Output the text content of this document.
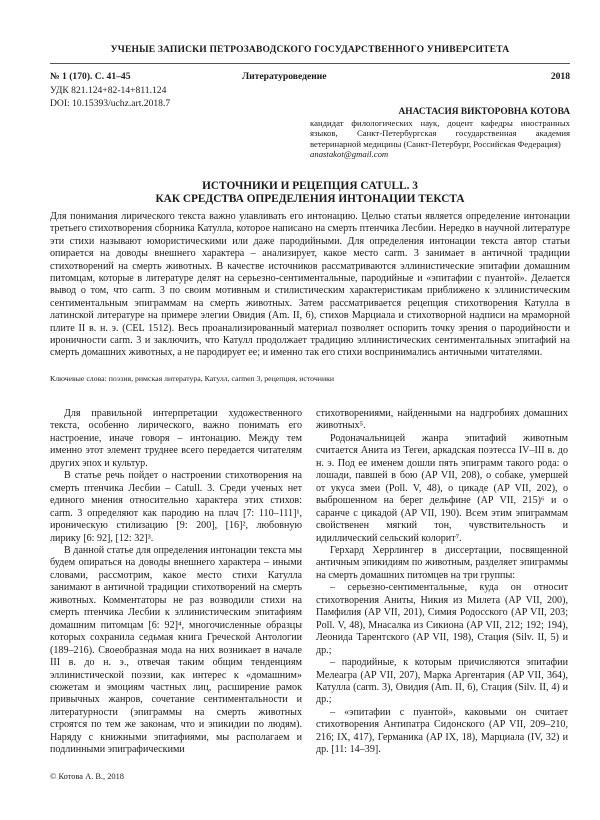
УЧЕНЫЕ ЗАПИСКИ ПЕТРОЗАВОДСКОГО ГОСУДАРСТВЕННОГО УНИВЕРСИТЕТА
№ 1 (170). С. 41–45	Литературоведение	2018
УДК 821.124+82-14+811.124
DOI: 10.15393/uchz.art.2018.7
АНАСТАСИЯ ВИКТОРОВНА КОТОВА
кандидат филологических наук, доцент кафедры иностранных языков, Санкт-Петербургская государственная академия ветеринарной медицины (Санкт-Петербург, Российская Федерация)
anastakot@gmail.com
ИСТОЧНИКИ И РЕЦЕПЦИЯ CATULL. 3
КАК СРЕДСТВА ОПРЕДЕЛЕНИЯ ИНТОНАЦИИ ТЕКСТА

Для понимания лирического текста важно улавливать его интонацию. Целью статьи является определение интонации третьего стихотворения сборника Катулла, которое написано на смерть птенчика Лесбии. Нередко в научной литературе эти стихи называют юмористическими или даже пародийными. Для определения интонации текста автор статьи опирается на доводы внешнего характера – анализирует, какое место carm. 3 занимает в античной традиции стихотворений на смерть животных. В качестве источников рассматриваются эллинистические эпитафии домашним питомцам, которые в литературе делят на серьезно-сентиментальные, пародийные и «эпитафии с пуантой». Делается вывод о том, что carm. 3 по своим мотивным и стилистическим характеристикам приближено к эллинистическим сентиментальным эпиграммам на смерть животных. Затем рассматривается рецепция стихотворения Катулла в латинской литературе на примере элегии Овидия (Am. II, 6), стихов Марциала и стихотворной надписи на мраморной плите II в. н. э. (CEL 1512). Весь проанализированный материал позволяет оспорить точку зрения о пародийности и ироничности carm. 3 и заключить, что Катулл продолжает традицию эллинистических сентиментальных эпитафий на смерть домашних животных, а не пародирует ее; и именно так его стихи воспринимались античными читателями.

Ключевые слова: поэзия, римская литература, Катулл, carmen 3, рецепция, источники

Для правильной интерпретации художественного текста, особенно лирического, важно понимать его настроение, иначе говоря – интонацию. Между тем именно этот элемент труднее всего передается читателям других эпох и культур.

В статье речь пойдет о настроении стихотворения на смерть птенчика Лесбии – Catull. 3. Среди ученых нет единого мнения относительно характера этих стихов: carm. 3 определяют как пародию на плач [7: 110–111]¹, ироническую стилизацию [9: 200], [16]², любовную лирику [6: 92], [12: 32]³.

В данной статье для определения интонации текста мы будем опираться на доводы внешнего характера – иными словами, рассмотрим, какое место стихи Катулла занимают в античной традиции стихотворений на смерть животных. Комментаторы не раз возводили стихи на смерть птенчика Лесбии к эллинистическим эпитафиям домашним питомцам [6: 92]⁴, многочисленные образцы которых сохранила седьмая книга Греческой Антологии (189–216). Своеобразная мода на них возникает в начале III в. до н. э., отвечая таким общим тенденциям эллинистической поэзии, как интерес к «домашним» сюжетам и эмоциям частных лиц, расширение рамок привычных жанров, сочетание сентиментальности и литературности (эпиграммы на смерть животных строятся по тем же законам, что и эпикидии по людям). Наряду с книжными эпитафиями, мы располагаем и подлинными эпиграфическими

стихотворениями, найденными на надгробиях домашних животных⁵.

Родоначальницей жанра эпитафий животным считается Анита из Тегеи, аркадская поэтесса IV–III в. до н. э. Под ее именем дошли пять эпиграмм такого рода: о лошади, павшей в бою (AP VII, 208), о собаке, умершей от укуса змеи (Poll. V, 48), о цикаде (AP VII, 202), о выброшенном на берег дельфине (AP VII, 215)⁶ и о саранче с цикадой (AP VII, 190). Всем этим эпиграммам свойственен мягкий тон, чувствительность и идиллический сельский колорит⁷.

Герхард Херрлингер в диссертации, посвященной античным эпикидиям по животным, разделяет эпиграммы на смерть домашних питомцев на три группы:

– серьезно-сентиментальные, куда он относит стихотворения Аниты, Никия из Милета (AP VII, 200), Памфилия (AP VII, 201), Симия Родосского (AP VII, 203; Poll. V, 48), Мнасалка из Сикиона (AP VII, 212; 192; 194), Леонида Тарентского (AP VII, 198), Стация (Silv. II, 5) и др.;

– пародийные, к которым причисляются эпитафии Мелеагра (AP VII, 207), Марка Аргентария (AP VII, 364), Катулла (carm. 3), Овидия (Am. II, 6), Стация (Silv. II, 4) и др.;

– «эпитафии с пуантой», каковыми он считает стихотворения Антипатра Сидонского (AP VII, 209–210, 216; IX, 417), Германика (AP IX, 18), Марциала (IV, 32) и др. [11: 14–39].

© Котова А. В., 2018
